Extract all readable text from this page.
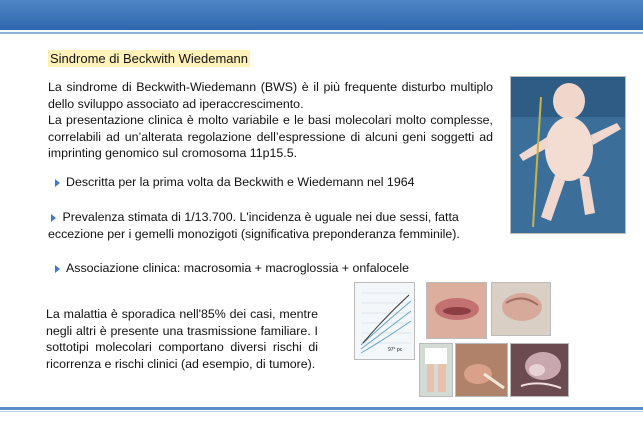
Sindrome di Beckwith Wiedemann

La sindrome di Beckwith-Wiedemann (BWS) è il più frequente disturbo multiplo dello sviluppo associato ad iperaccrescimento.
La presentazione clinica è molto variabile e le basi molecolari molto complesse, correlabili ad un’alterata regolazione dell’espressione di alcuni geni soggetti ad imprinting genomico sul cromosoma 11p15.5.

Descritta per la prima volta da Beckwith e Wiedemann nel 1964

Prevalenza stimata di 1/13.700. L'incidenza è uguale nei due sessi, fatta eccezione per i gemelli monozigoti (significativa preponderanza femminile).

Associazione clinica: macrosomia + macroglossia + onfalocele

La malattia è sporadica nell'85% dei casi, mentre negli altri è presente una trasmissione familiare. I sottotipi molecolari comportano diversi rischi di ricorrenza e rischi clinici (ad esempio, di tumore).

97° pc
